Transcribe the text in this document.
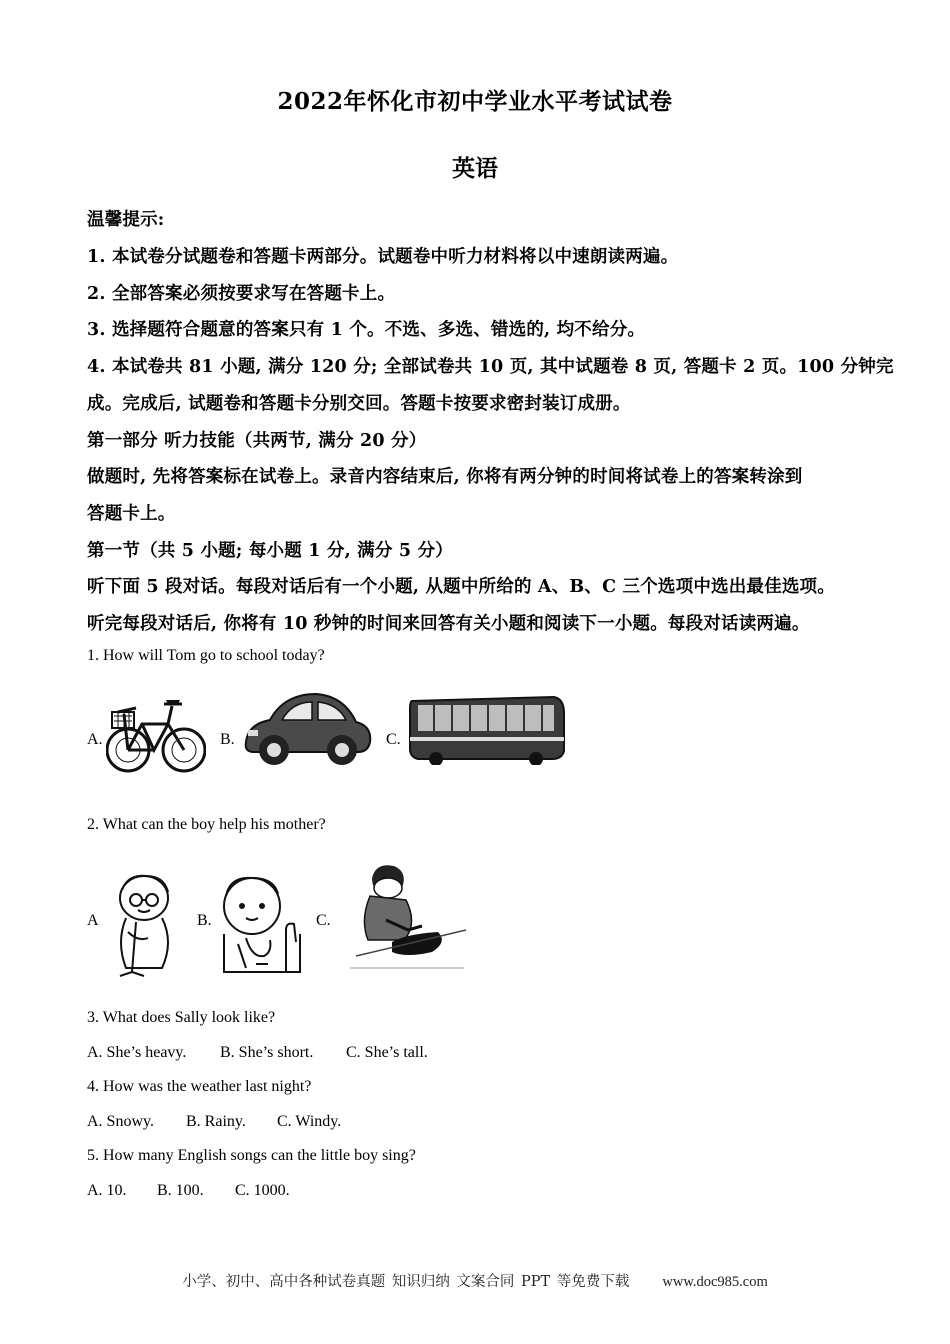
2022年怀化市初中学业水平考试试卷
英语
温馨提示:
1. 本试卷分试题卷和答题卡两部分。试题卷中听力材料将以中速朗读两遍。
2. 全部答案必须按要求写在答题卡上。
3. 选择题符合题意的答案只有 1 个。不选、多选、错选的, 均不给分。
4. 本试卷共 81 小题, 满分 120 分; 全部试卷共 10 页, 其中试题卷 8 页, 答题卡 2 页。100 分钟完
成。完成后, 试题卷和答题卡分别交回。答题卡按要求密封装订成册。
第一部分 听力技能（共两节, 满分 20 分）
做题时, 先将答案标在试卷上。录音内容结束后, 你将有两分钟的时间将试卷上的答案转涂到
答题卡上。
第一节（共 5 小题; 每小题 1 分, 满分 5 分）
听下面 5 段对话。每段对话后有一个小题, 从题中所给的 A、B、C 三个选项中选出最佳选项。
听完每段对话后, 你将有 10 秒钟的时间来回答有关小题和阅读下一小题。每段对话读两遍。
1. How will Tom go to school today?
A.	B.	C.
2. What can the boy help his mother?
A	B.	C.
3. What does Sally look like?
A. She’s heavy. B. She’s short. C. She’s tall.
4. How was the weather last night?
A. Snowy. B. Rainy. C. Windy.
5. How many English songs can the little boy sing?
A. 10. B. 100. C. 1000.
小学、初中、高中各种试卷真题 知识归纳 文案合同 PPT 等免费下载 www.doc985.com
